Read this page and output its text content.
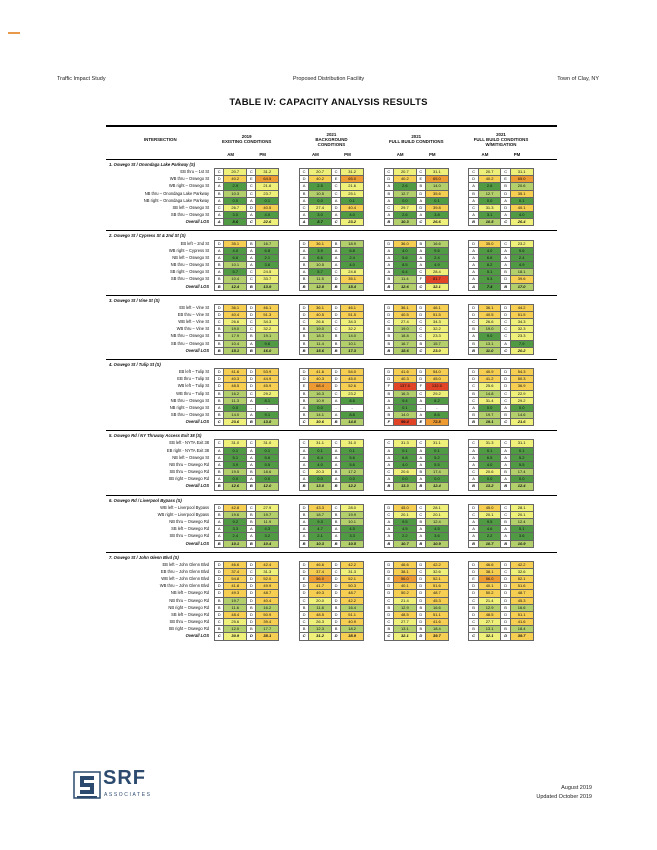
Traffic Impact Study	Proposed Distribution Facility	Town of Clay, NY
TABLE IV: CAPACITY ANALYSIS RESULTS
INTERSECTION	2019
EXISTING CONDITIONS					2021
BACKGROUND
CONDITIONS					2021
FULL BUILD CONDITIONS					2021
FULL BUILD CONDITIONS
W/MITIGATION				
	AM		PM			AM		PM			AM		PM			AM		PM		

1. Oswego St / Onondaga Lake Parkway (S)																				
EB thru – 1st St	C	20.7	C	31.2		C	20.7	C	31.2		C	20.7	C	31.1		C	20.7	C	31.1	
WB thru – Oswego St	D	40.2	E	64.5		D	40.2	E	65.0		D	40.2	E	65.0		D	40.2	E	65.0	
WB right – Oswego St	A	2.9	C	21.6		A	2.5	C	21.6		A	2.6	B	14.0		A	2.6	B	20.6	
NB thru – Onondaga Lake Parkway	B	10.3	C	23.7		B	10.5	C	25.1		B	12.7	D	35.6		B	12.7	D	35.1	
NB right – Onondaga Lake Parkway	A	0.0	A	0.1		A	0.0	A	0.1		A	0.0	A	0.1		A	0.0	A	0.1	
SB left – Oswego St	C	26.7	D	40.5		C	27.4	D	40.4		C	29.7	D	39.8		C	31.3	D	40.1	
SB thru – Oswego St	A	3.0	A	4.0		A	3.0	A	4.0		A	2.6	A	3.8		A	3.1	A	4.0	
Overall LOS	A	8.6	C	22.6		A	8.7	C	23.2		B	10.3	C	26.6		B	10.5	C	26.4	

2. Oswego St / Cypress St & 2nd St (S)																				
EB left – 2nd St	D	35.1	B	16.7		D	36.1	B	18.9		D	36.0	B	16.6		D	35.0	C	23.2	
WB right – Cypress St	A	4.0	A	6.8		A	3.9	A	6.8		A	4.0	A	9.6		A	4.0	A	9.6	
NB left – Oswego St	A	6.6	A	2.1		A	6.6	A	2.4		A	5.6	A	2.4		A	6.6	A	2.4	
NB thru – Oswego St	B	10.1	A	3.6		B	10.5	A	4.0		A	8.5	A	4.9		A	8.2	A	4.9	
SB right – Oswego St	A	5.7	C	24.5		A	5.7	C	24.8		A	6.4	C	28.4		A	5.1	B	18.1	
SB thru – Oswego St	B	10.4	C	33.7		B	11.5	D	35.1		B	11.4	F	81.7		A	5.3	D	39.6	
Overall LOS	B	12.4	B	13.9		B	12.8	B	15.4		B	12.6	C	32.1		A	7.4	B	17.0	

3. Oswego St / Vine St (S)																				
EB left – Vine St	D	36.1	D	46.1		D	36.1	D	46.1		D	36.1	D	46.1		D	36.1	D	44.2	
EB thru – Vine St	D	40.4	D	51.3		D	40.5	D	51.5		D	40.5	D	51.5		D	40.5	D	51.5	
WB left – Vine St	C	26.6	C	34.3		C	26.6	C	34.3		C	27.4	C	34.3		C	26.6	C	34.3	
WB thru – Vine St	B	19.0	C	32.2		B	19.0	C	32.2		B	19.0	C	32.2		B	19.0	C	32.3	
NB thru – Oswego St	B	17.9	B	19.1		B	18.3	B	14.0		B	18.8	C	23.3		A	9.0	C	23.3	
SB thru – Oswego St	B	10.4	A	9.6		B	11.4	B	10.1		B	16.7	B	15.7		B	13.1	A	7.9	
Overall LOS	B	15.1	B	16.0		B	15.6	B	17.3		B	18.6	C	23.0		B	11.0	C	20.2	

4. Oswego St / Tulip St (S)																				
EB left – Tulip St	D	41.6	D	53.9		D	41.6	D	54.0		D	41.6	D	54.0		D	40.9	D	54.3	
EB thru – Tulip St	D	40.3	D	44.9		D	40.3	D	45.0		D	40.3	D	45.0		D	41.2	D	50.3	
WB left – Tulip St	D	48.5	D	45.9		E	68.4	D	52.6		F	137.5	F	132.5		C	25.6	D	36.9	
WB thru – Tulip St	B	16.2	C	29.2		B	16.3	C	23.2		B	16.3	C	29.2		B	14.8	C	22.9	
NB thru – Oswego St	B	11.3	A	8.1		B	10.9	A	8.6		A	9.4	A	8.2		C	31.4	C	29.2	
NB right – Oswego St	A	0.0	-	-		A	0.0	-	-		A	0.1	-	-		A	0.0	A	0.0	
SB thru – Oswego St	B	14.0	A	9.1		B	14.1	A	8.8		B	14.0	A	8.6		B	19.7	B	14.6	
Overall LOS	C	23.6	B	13.8		C	30.6	B	14.8		F	99.4	E	72.8		B	19.1	C	21.6	

5. Oswego Rd / NY Thruway Access Exit 38 (S)																				
EB left - NYTA Exit 38	C	31.0	C	31.0		C	31.1	C	31.0		C	31.3	C	31.1		C	31.3	C	31.1	
EB right - NYTA Exit 38	A	0.1	A	0.1		A	0.1	A	0.1		A	0.1	A	0.1		A	0.1	A	0.1	
NB left – Oswego St	A	5.1	A	5.6		A	6.4	A	5.6		A	6.8	A	5.2		A	6.5	A	5.2	
NB thru – Oswego Rd	A	3.9	A	5.5		A	4.0	A	5.6		A	4.0	A	5.5		A	4.0	A	5.5	
SB thru – Oswego Rd	B	19.5	B	18.6		C	20.3	B	17.2		C	20.6	B	17.4		C	20.6	B	17.4	
SB right – Oswego Rd	A	0.0	A	0.0		A	0.0	A	0.0		A	0.0	A	0.0		A	0.0	A	0.0	
Overall LOS	B	12.6	B	12.0		B	13.0	B	12.2		B	13.3	B	12.4		B	13.2	B	12.4	

6. Oswego Rd / Liverpool Bypass (S)																				
WB left – Liverpool Bypass	D	42.8	C	27.9		D	43.3	C	28.0		D	45.0	C	28.1		D	45.0	C	28.1	
WB right – Liverpool Bypass	B	19.6	B	19.7		B	18.7	B	19.9		C	20.1	C	20.1		C	20.1	C	20.1	
NB thru – Oswego Rd	A	9.2	B	11.9		A	9.3	B	10.1		A	9.5	B	12.4		A	9.5	B	12.4	
SB left – Oswego Rd	A	3.3	A	4.3		A	4.7	A	4.5		A	4.5	A	4.5		A	4.6	A	5.1	
SB thru – Oswego Rd	A	2.4	A	3.2		A	2.1	A	3.3		A	2.2	A	3.6		A	2.2	A	3.6	
Overall LOS	B	10.1	B	10.4		B	10.3	B	10.5		B	10.7	B	10.9		B	10.7	B	10.9	

7. Oswego St / John Glenn Blvd (S)																				
EB left – John Glenn Blvd	D	46.6	D	42.4		D	46.6	D	42.2		D	46.6	D	42.2		D	46.6	D	42.2	
EB thru – John Glenn Blvd	D	37.4	C	31.3		D	37.4	C	31.3		D	38.1	C	32.6		D	38.1	C	32.6	
WB left – John Glenn Blvd	D	54.8	D	52.0		E	56.0	D	52.1		E	56.0	D	52.1		E	56.0	D	52.1	
WB thru – John Glenn Blvd	D	41.8	D	49.9		D	41.7	D	50.3		D	40.1	D	51.6		D	40.1	D	51.6	
NB left – Oswego Rd	D	49.3	D	48.7		D	49.3	D	48.7		D	50.2	D	48.7		D	50.2	D	48.7	
NB thru – Oswego Rd	B	19.7	D	40.4		C	20.0	D	42.2		C	21.4	D	45.3		C	21.4	D	45.3	
NB right – Oswego Rd	B	11.6	B	16.2		B	11.8	B	16.4		B	12.9	B	16.6		B	12.9	B	16.6	
SB left – Oswego Rd	D	48.4	D	50.9		D	48.5	D	51.1		D	48.5	D	51.1		D	48.5	D	51.1	
SB thru – Oswego Rd	C	25.6	D	39.4		C	26.3	D	40.9		C	27.7	D	41.6		C	27.7	D	41.6	
SB right – Oswego Rd	B	12.0	B	17.7		B	12.3	B	18.2		B	13.1	B	18.4		B	13.1	B	18.4	
Overall LOS	C	30.9	D	38.1		C	31.2	D	38.9		C	32.1	D	39.7		C	32.1	D	39.7	

SRF
ASSOCIATES
August 2019
Updated October 2019
